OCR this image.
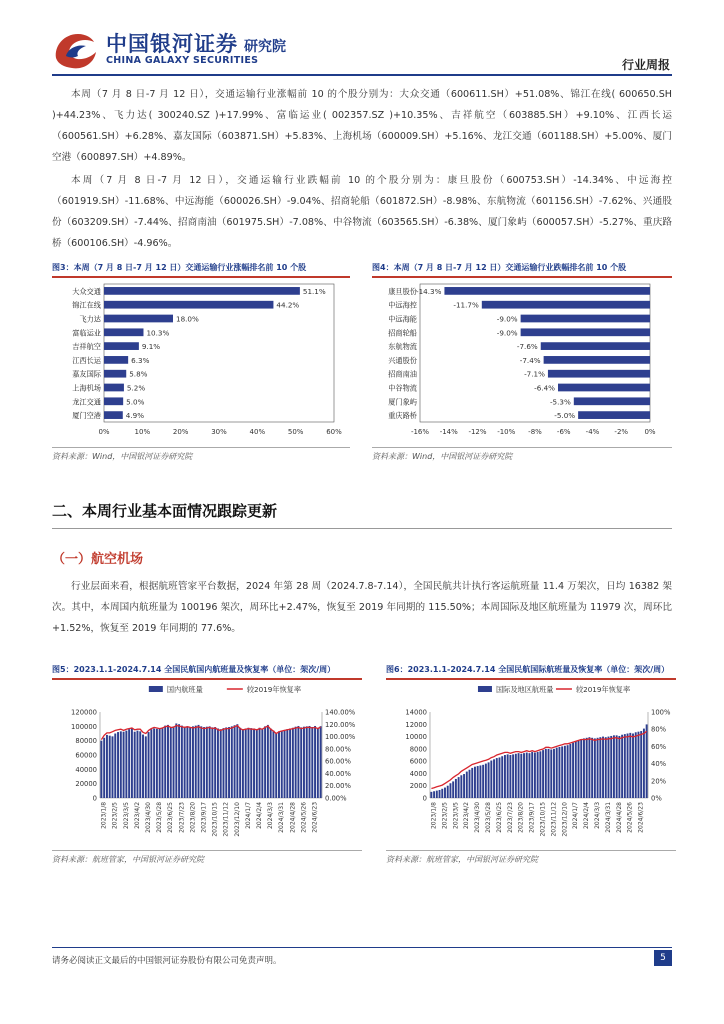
中国银河证券 研究院
CHINA GALAXY SECURITIES	行业周报

本周（7 月 8 日-7 月 12 日），交通运输行业涨幅前 10 的个股分别为：大众交通（600611.SH）+51.08%、锦江在线( 600650.SH )+44.23%、飞力达( 300240.SZ )+17.99%、富临运业( 002357.SZ )+10.35%、吉祥航空（603885.SH）+9.10%、江西长运（600561.SH）+6.28%、嘉友国际（603871.SH）+5.83%、上海机场（600009.SH）+5.16%、龙江交通（601188.SH）+5.00%、厦门空港（600897.SH）+4.89%。

本周（7 月 8 日-7 月 12 日），交通运输行业跌幅前 10 的个股分别为：康旦股份（600753.SH）-14.34%、中远海控（601919.SH）-11.68%、中远海能（600026.SH）-9.04%、招商轮船（601872.SH）-8.98%、东航物流（601156.SH）-7.62%、兴通股份（603209.SH）-7.44%、招商南油（601975.SH）-7.08%、中谷物流（603565.SH）-6.38%、厦门象屿（600057.SH）-5.27%、重庆路桥（600106.SH）-4.96%。

图3：本周（7 月 8 日-7 月 12 日）交通运输行业涨幅排名前 10 个股
0%	10%	20%	30%	40%	50%	60%
大众交通	51.1%
锦江在线	44.2%
飞力达	18.0%
富临运业	10.3%
吉祥航空	9.1%
江西长运	6.3%
嘉友国际	5.8%
上海机场	5.2%
龙江交通	5.0%
厦门空港	4.9%
资料来源：Wind，中国银河证券研究院
图4：本周（7 月 8 日-7 月 12 日）交通运输行业跌幅排名前 10 个股
-16% -14% -12% -10% -8% -6% -4% -2% 0%
康旦股份 -14.3%
中远海控	-11.7%
中远海能	-9.0%
招商轮船	-9.0%
东航物流	-7.6%
兴通股份	-7.4%
招商南油	-7.1%
中谷物流	-6.4%
厦门象屿	-5.3%
重庆路桥	-5.0%
资料来源：Wind，中国银河证券研究院
二、本周行业基本面情况跟踪更新
（一）航空机场

行业层面来看，根据航班管家平台数据，2024 年第 28 周（2024.7.8-7.14），全国民航共计执行客运航班量 11.4 万架次，日均 16382 架次。其中，本周国内航班量为 100196 架次，周环比+2.47%，恢复至 2019 年同期的 115.50%；本周国际及地区航班量为 11979 次，周环比+1.52%，恢复至 2019 年同期的 77.6%。

图5：2023.1.1-2024.7.14 全国民航国内航班量及恢复率（单位：架次/周）
国内航班量	较2019年恢复率
0
20000
40000
60000
80000
100000
120000
0.00%
20.00%
40.00%
60.00%
80.00%
100.00%
120.00%
140.00%
2023/1/8 2023/2/5 2023/3/5 2023/4/2 2023/4/30 2023/5/28 2023/6/25 2023/7/23 2023/8/20 2023/9/17 2023/10/15 2023/11/12 2023/12/10 2024/1/7 2024/2/4 2024/3/3 2024/3/31 2024/4/28 2024/5/26 2024/6/23
资料来源：航班管家，中国银河证券研究院
图6：2023.1.1-2024.7.14 全国民航国际航班量及恢复率（单位：架次/周）
国际及地区航班量	较2019年恢复率
0
2000
4000
6000
8000
10000
12000
14000
0%
20%
40%
60%
80%
100%
2023/1/8 2023/2/5 2023/3/5 2023/4/2 2023/4/30 2023/5/28 2023/6/25 2023/7/23 2023/8/20 2023/9/17 2023/10/15 2023/11/12 2023/12/10 2024/1/7 2024/2/4 2024/3/3 2024/3/31 2024/4/28 2024/5/26 2024/6/23
资料来源：航班管家，中国银河证券研究院
请务必阅读正文最后的中国银河证券股份有限公司免责声明。	5
